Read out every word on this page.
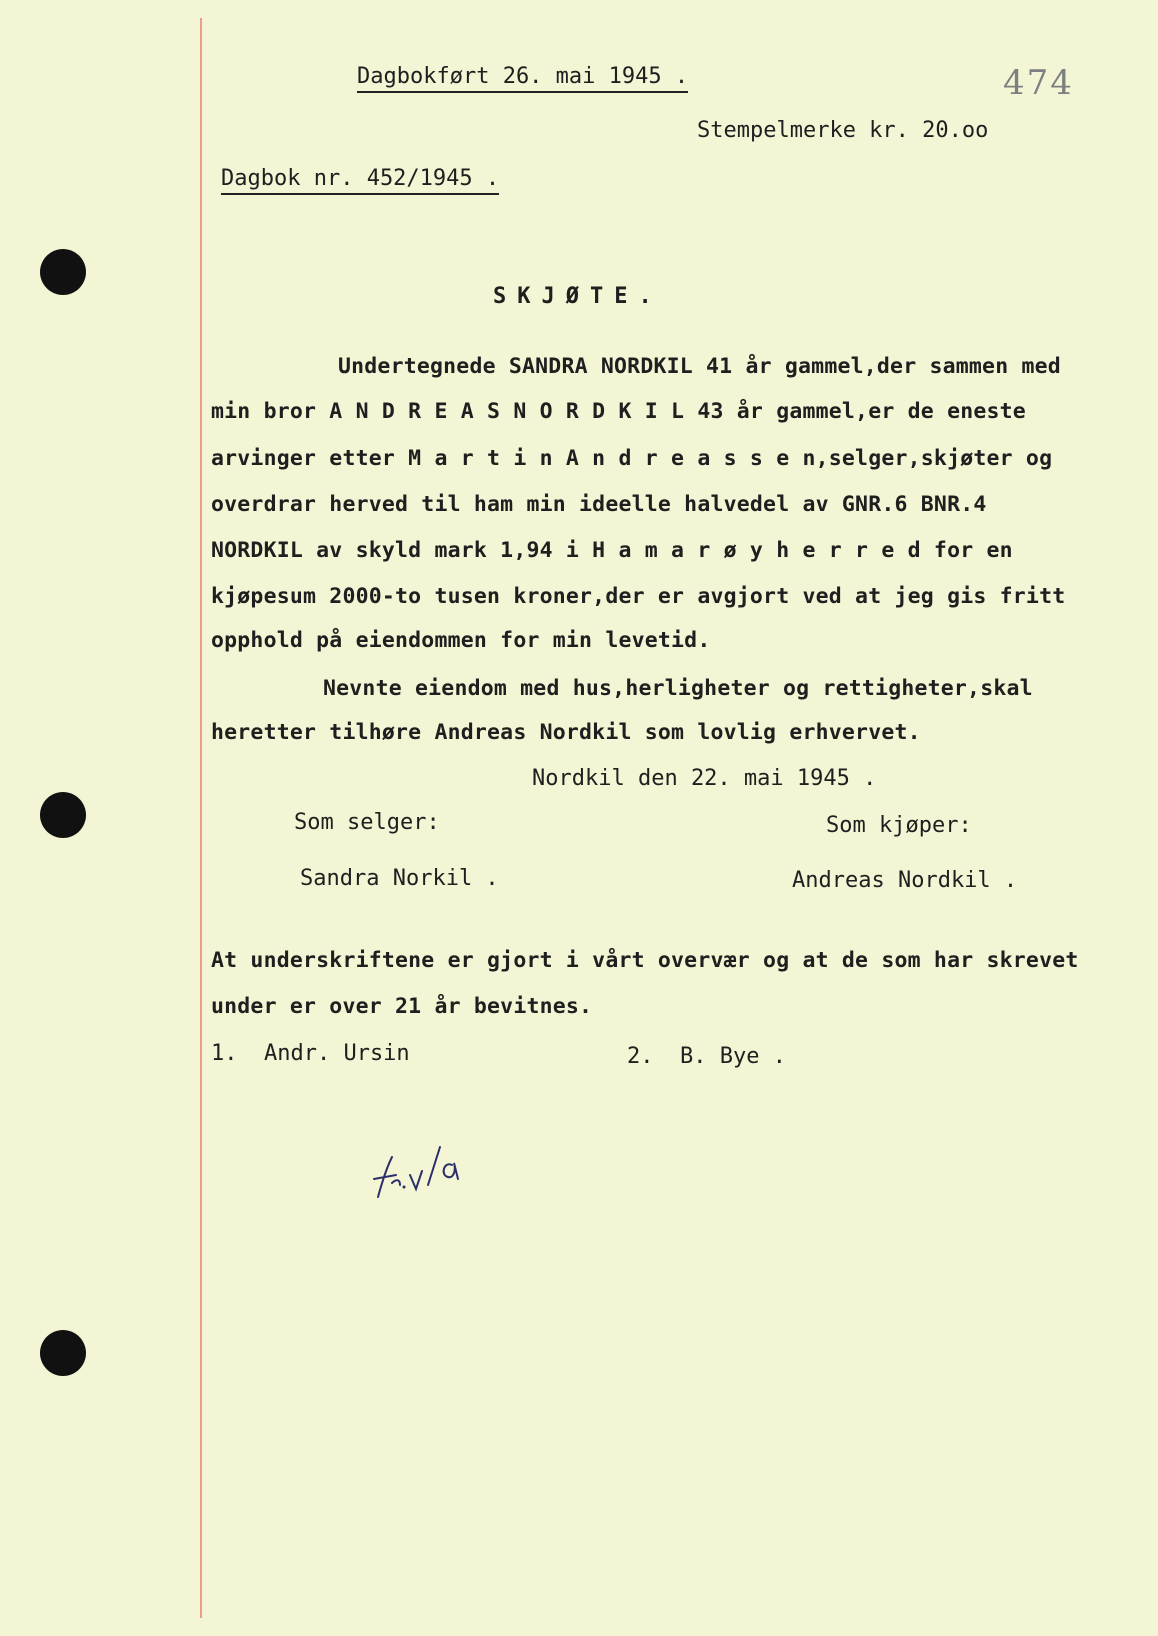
Dagbokført 26. mai 1945 .	474
Stempelmerke kr. 20.oo
Dagbok nr. 452/1945 .
SKJØTE.
Undertegnede SANDRA NORDKIL 41 år gammel,der sammen med
min bror A N D R E A S N O R D K I L 43 år gammel,er de eneste
arvinger etter M a r t i n A n d r e a s s e n,selger,skjøter og
overdrar herved til ham min ideelle halvedel av GNR.6 BNR.4
NORDKIL av skyld mark 1,94 i H a m a r ø y h e r r e d for en
kjøpesum 2000-to tusen kroner,der er avgjort ved at jeg gis fritt
opphold på eiendommen for min levetid.
Nevnte eiendom med hus,herligheter og rettigheter,skal
heretter tilhøre Andreas Nordkil som lovlig erhvervet.
Nordkil den 22. mai 1945 .
Som selger:	Som kjøper:
Sandra Norkil .	Andreas Nordkil .
At underskriftene er gjort i vårt overvær og at de som har skrevet
under er over 21 år bevitnes.
1.  Andr. Ursin	2.  B. Bye .
